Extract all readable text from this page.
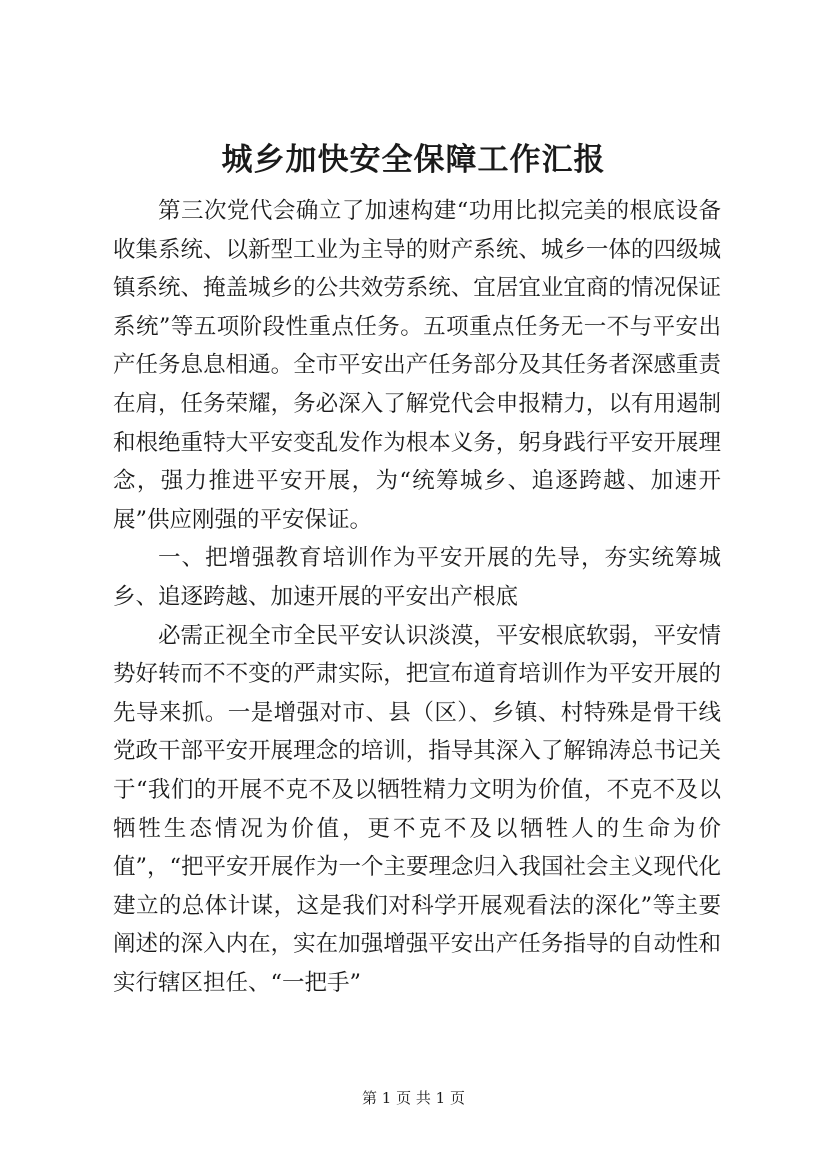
城乡加快安全保障工作汇报

第三次党代会确立了加速构建“功用比拟完美的根底设备收集系统、以新型工业为主导的财产系统、城乡一体的四级城镇系统、掩盖城乡的公共效劳系统、宜居宜业宜商的情况保证系统”等五项阶段性重点任务。五项重点任务无一不与平安出产任务息息相通。全市平安出产任务部分及其任务者深感重责在肩，任务荣耀，务必深入了解党代会申报精力，以有用遏制和根绝重特大平安变乱发作为根本义务，躬身践行平安开展理念，强力推进平安开展，为“统筹城乡、追逐跨越、加速开展”供应刚强的平安保证。

一、把增强教育培训作为平安开展的先导，夯实统筹城乡、追逐跨越、加速开展的平安出产根底

必需正视全市全民平安认识淡漠，平安根底软弱，平安情势好转而不不变的严肃实际，把宣布道育培训作为平安开展的先导来抓。一是增强对市、县（区）、乡镇、村特殊是骨干线党政干部平安开展理念的培训，指导其深入了解锦涛总书记关于“我们的开展不克不及以牺牲精力文明为价值，不克不及以牺牲生态情况为价值，更不克不及以牺牲人的生命为价值”，“把平安开展作为一个主要理念归入我国社会主义现代化建立的总体计谋，这是我们对科学开展观看法的深化”等主要阐述的深入内在，实在加强增强平安出产任务指导的自动性和实行辖区担任、“一把手”

第 1 页 共 1 页
